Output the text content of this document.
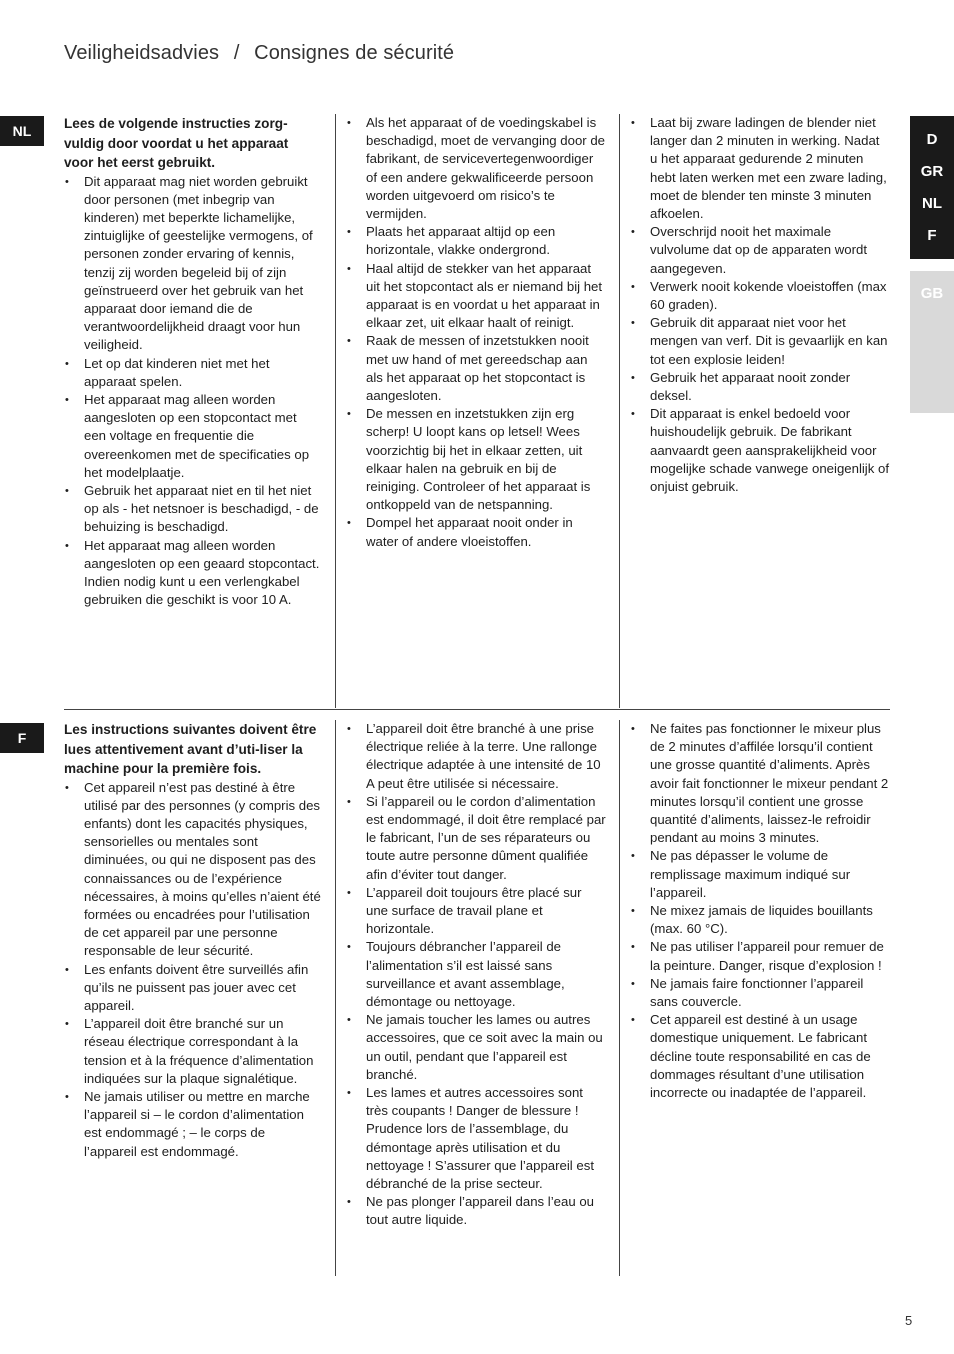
Veiligheidsadvies / Consignes de sécurité
D
GR
NL
F
GB
NL	Lees de volgende instructies zorg-vuldig door voordat u het apparaat voor het eerst gebruikt.

• Dit apparaat mag niet worden gebruikt door personen (met inbegrip van kinderen) met beperkte lichamelijke, zintuiglijke of geestelijke vermogens, of personen zonder ervaring of kennis, tenzij zij worden begeleid bij of zijn geïnstrueerd over het gebruik van het apparaat door iemand die de verantwoordelijkheid draagt voor hun veiligheid.
• Let op dat kinderen niet met het apparaat spelen.
• Het apparaat mag alleen worden aangesloten op een stopcontact met een voltage en frequentie die overeenkomen met de specificaties op het modelplaatje.
• Gebruik het apparaat niet en til het niet op als - het netsnoer is beschadigd, - de behuizing is beschadigd.
• Het apparaat mag alleen worden aangesloten op een geaard stopcontact. Indien nodig kunt u een verlengkabel gebruiken die geschikt is voor 10 A.
• Als het apparaat of de voedingskabel is beschadigd, moet de vervanging door de fabrikant, de servicevertegenwoordiger of een andere gekwalificeerde persoon worden uitgevoerd om risico’s te vermijden.
• Plaats het apparaat altijd op een horizontale, vlakke ondergrond.
• Haal altijd de stekker van het apparaat uit het stopcontact als er niemand bij het apparaat is en voordat u het apparaat in elkaar zet, uit elkaar haalt of reinigt.
• Raak de messen of inzetstukken nooit met uw hand of met gereedschap aan als het apparaat op het stopcontact is aangesloten.
• De messen en inzetstukken zijn erg scherp! U loopt kans op letsel! Wees voorzichtig bij het in elkaar zetten, uit elkaar halen na gebruik en bij de reiniging. Controleer of het apparaat is ontkoppeld van de netspanning.
• Dompel het apparaat nooit onder in water of andere vloeistoffen.
• Laat bij zware ladingen de blender niet langer dan 2 minuten in werking. Nadat u het apparaat gedurende 2 minuten hebt laten werken met een zware lading, moet de blender ten minste 3 minuten afkoelen.
• Overschrijd nooit het maximale vulvolume dat op de apparaten wordt aangegeven.
• Verwerk nooit kokende vloeistoffen (max 60 graden).
• Gebruik dit apparaat niet voor het mengen van verf. Dit is gevaarlijk en kan tot een explosie leiden!
• Gebruik het apparaat nooit zonder deksel.
• Dit apparaat is enkel bedoeld voor huishoudelijk gebruik. De fabrikant aanvaardt geen aansprakelijkheid voor mogelijke schade vanwege oneigenlijk of onjuist gebruik.
F

Les instructions suivantes doivent être lues attentivement avant d’uti-liser la machine pour la première fois.

• Cet appareil n’est pas destiné à être utilisé par des personnes (y compris des enfants) dont les capacités physiques, sensorielles ou mentales sont diminuées, ou qui ne disposent pas des connaissances ou de l’expérience nécessaires, à moins qu’elles n’aient été formées ou encadrées pour l’utilisation de cet appareil par une personne responsable de leur sécurité.
• Les enfants doivent être surveillés afin qu’ils ne puissent pas jouer avec cet appareil.
• L’appareil doit être branché sur un réseau électrique correspondant à la tension et à la fréquence d’alimentation indiquées sur la plaque signalétique.
• Ne jamais utiliser ou mettre en marche l’appareil si – le cordon d’alimentation est endommagé ; – le corps de l’appareil est endommagé.
• L’appareil doit être branché à une prise électrique reliée à la terre. Une rallonge électrique adaptée à une intensité de 10 A peut être utilisée si nécessaire.
• Si l’appareil ou le cordon d’alimentation est endommagé, il doit être remplacé par le fabricant, l’un de ses réparateurs ou toute autre personne dûment qualifiée afin d’éviter tout danger.
• L’appareil doit toujours être placé sur une surface de travail plane et horizontale.
• Toujours débrancher l’appareil de l’alimentation s’il est laissé sans surveillance et avant assemblage, démontage ou nettoyage.
• Ne jamais toucher les lames ou autres accessoires, que ce soit avec la main ou un outil, pendant que l’appareil est branché.
• Les lames et autres accessoires sont très coupants ! Danger de blessure ! Prudence lors de l’assemblage, du démontage après utilisation et du nettoyage ! S’assurer que l’appareil est débranché de la prise secteur.
• Ne pas plonger l’appareil dans l’eau ou tout autre liquide.
• Ne faites pas fonctionner le mixeur plus de 2 minutes d’affilée lorsqu’il contient une grosse quantité d’aliments. Après avoir fait fonctionner le mixeur pendant 2 minutes lorsqu’il contient une grosse quantité d’aliments, laissez-le refroidir pendant au moins 3 minutes.
• Ne pas dépasser le volume de remplissage maximum indiqué sur l’appareil.
• Ne mixez jamais de liquides bouillants (max. 60 °C).
• Ne pas utiliser l’appareil pour remuer de la peinture. Danger, risque d’explosion !
• Ne jamais faire fonctionner l’appareil sans couvercle.
• Cet appareil est destiné à un usage domestique uniquement. Le fabricant décline toute responsabilité en cas de dommages résultant d’une utilisation incorrecte ou inadaptée de l’appareil.
5
